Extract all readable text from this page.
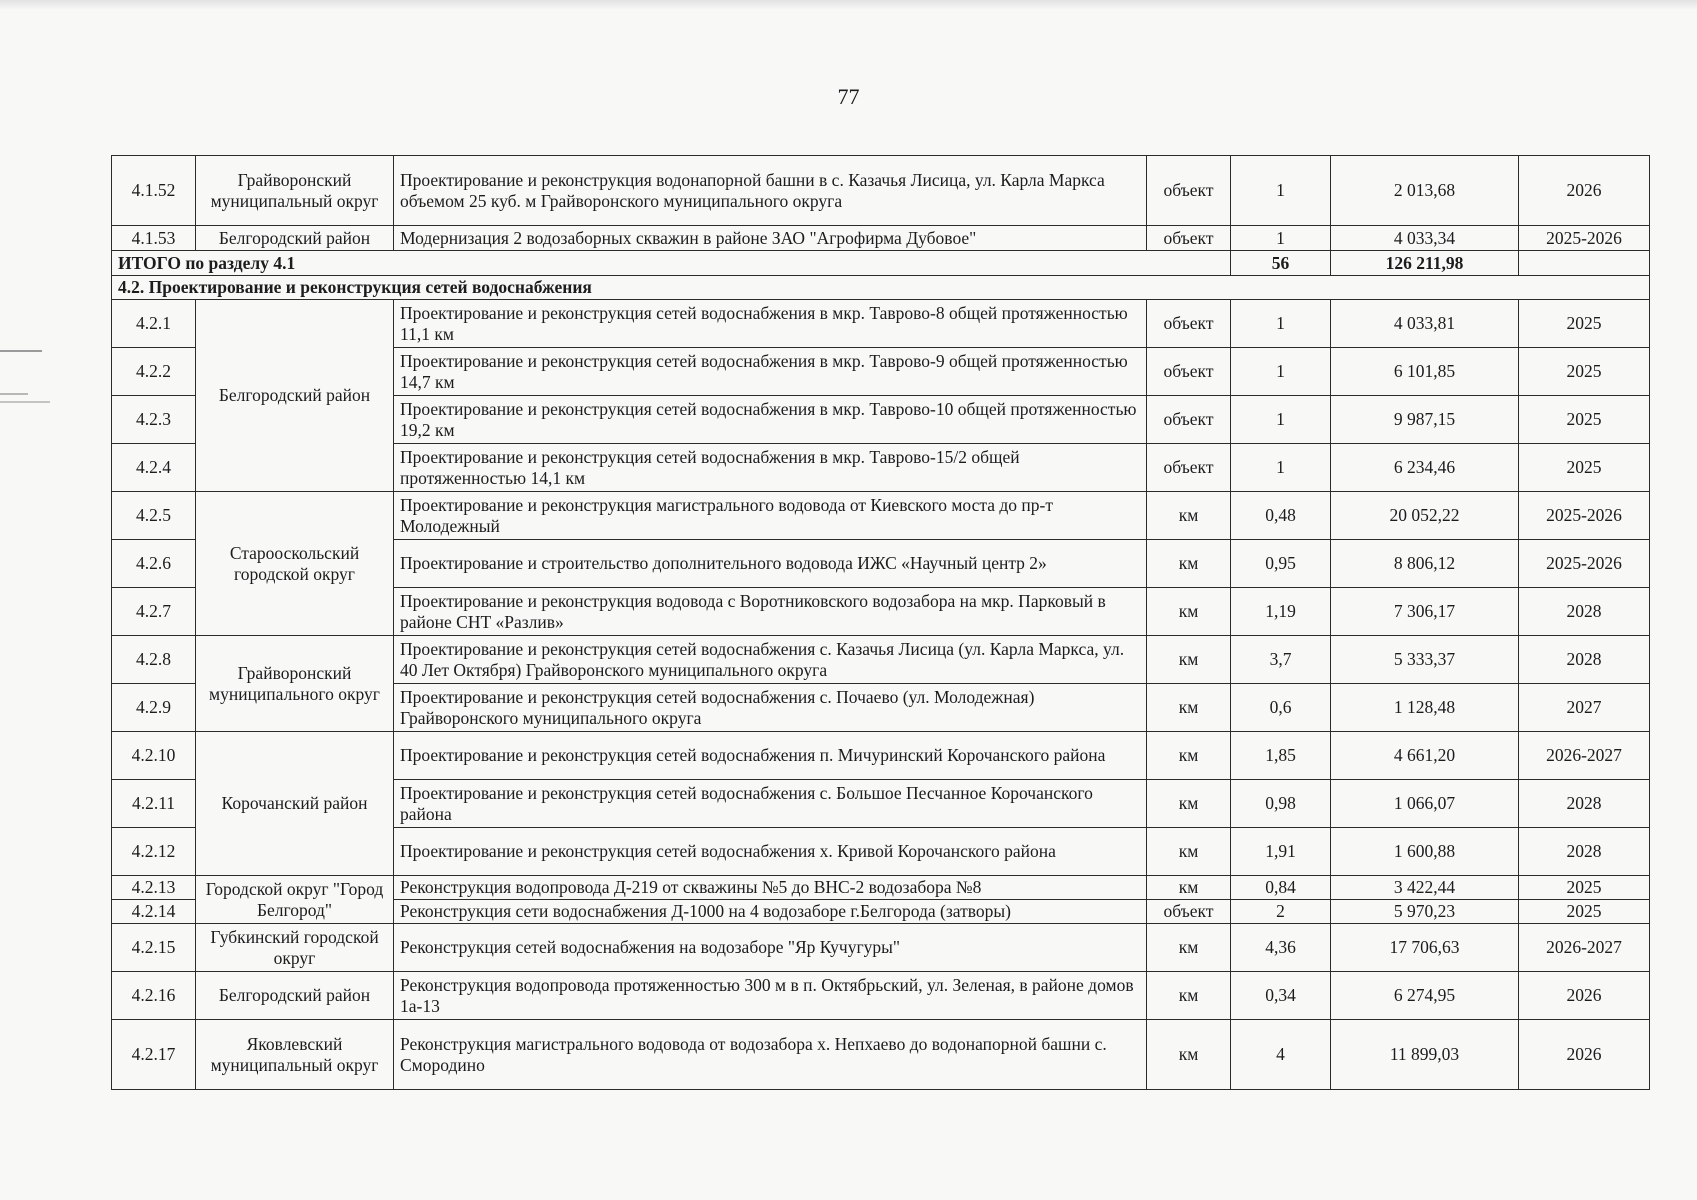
77
4.1.52	Грайворонский муниципальный округ	Проектирование и реконструкция водонапорной башни в с. Казачья Лисица, ул. Карла Маркса объемом 25 куб. м Грайворонского муниципального округа	объект	1	2 013,68	2026
4.1.53	Белгородский район	Модернизация 2 водозаборных скважин в районе ЗАО "Агрофирма Дубовое"	объект	1	4 033,34	2025-2026
ИТОГО по разделу 4.1				56	126 211,98	
4.2. Проектирование и реконструкция сетей водоснабжения						
4.2.1	Белгородский район	Проектирование и реконструкция сетей водоснабжения в мкр. Таврово-8 общей протяженностью 11,1 км	объект	1	4 033,81	2025
4.2.2		Проектирование и реконструкция сетей водоснабжения в мкр. Таврово-9 общей протяженностью 14,7 км	объект	1	6 101,85	2025
4.2.3		Проектирование и реконструкция сетей водоснабжения в мкр. Таврово-10 общей протяженностью 19,2 км	объект	1	9 987,15	2025
4.2.4		Проектирование и реконструкция сетей водоснабжения в мкр. Таврово-15/2 общей протяженностью 14,1 км	объект	1	6 234,46	2025
4.2.5	Старооскольский городской округ	Проектирование и реконструкция магистрального водовода от Киевского моста до пр-т Молодежный	км	0,48	20 052,22	2025-2026
4.2.6		Проектирование и строительство дополнительного водовода ИЖС «Научный центр 2»	км	0,95	8 806,12	2025-2026
4.2.7		Проектирование и реконструкция водовода с Воротниковского водозабора на мкр. Парковый в районе СНТ «Разлив»	км	1,19	7 306,17	2028
4.2.8	Грайворонский муниципального округ	Проектирование и реконструкция сетей водоснабжения с. Казачья Лисица (ул. Карла Маркса, ул. 40 Лет Октября) Грайворонского муниципального округа	км	3,7	5 333,37	2028
4.2.9		Проектирование и реконструкция сетей водоснабжения с. Почаево (ул. Молодежная) Грайворонского муниципального округа	км	0,6	1 128,48	2027
4.2.10	Корочанский район	Проектирование и реконструкция сетей водоснабжения п. Мичуринский Корочанского района	км	1,85	4 661,20	2026-2027
4.2.11		Проектирование и реконструкция сетей водоснабжения с. Большое Песчанное Корочанского района	км	0,98	1 066,07	2028
4.2.12		Проектирование и реконструкция сетей водоснабжения х. Кривой Корочанского района	км	1,91	1 600,88	2028
4.2.13	Городской округ "Город Белгород"	Реконструкция водопровода Д-219 от скважины №5 до ВНС-2 водозабора №8	км	0,84	3 422,44	2025
4.2.14		Реконструкция сети водоснабжения Д-1000 на 4 водозаборе г.Белгорода (затворы)	объект	2	5 970,23	2025
4.2.15	Губкинский городской округ	Реконструкция сетей водоснабжения на водозаборе "Яр Кучугуры"	км	4,36	17 706,63	2026-2027
4.2.16	Белгородский район	Реконструкция водопровода протяженностью 300 м в п. Октябрьский, ул. Зеленая, в районе домов 1а-13	км	0,34	6 274,95	2026
4.2.17	Яковлевский муниципальный округ	Реконструкция магистрального водовода от водозабора х. Непхаево до водонапорной башни с. Смородино	км	4	11 899,03	2026
